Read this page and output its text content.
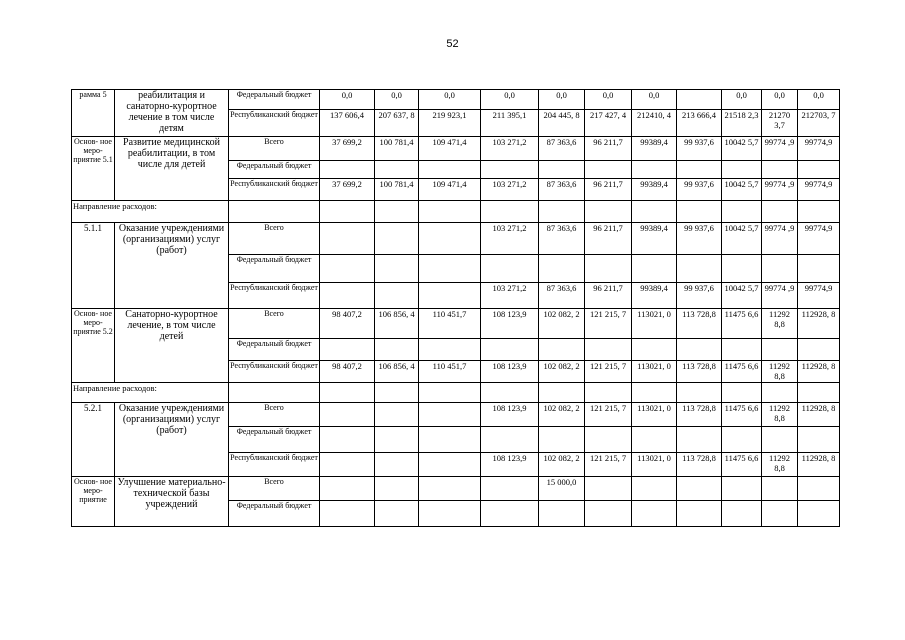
52
рамма 5	реабилитация и санаторно-курортное лечение в том числе детям	Федеральный бюджет	0,0	0,0	0,0	0,0	0,0	0,0	0,0		0,0	0,0	0,0
		Республиканский бюджет	137 606,4	207 637, 8	219 923,1	211 395,1	204 445, 8	217 427, 4	212410, 4	213 666,4	21518 2,3	21270 3,7	212703, 7
Основ- ное меро- приятие 5.1	Развитие медицинской реабилитации, в том числе для детей	Всего	37 699,2	100 781,4	109 471,4	103 271,2	87 363,6	96 211,7	99389,4	99 937,6	10042 5,7	99774 ,9	99774,9
		Федеральный бюджет											
		Республиканский бюджет	37 699,2	100 781,4	109 471,4	103 271,2	87 363,6	96 211,7	99389,4	99 937,6	10042 5,7	99774 ,9	99774,9
Направление расходов:													
5.1.1	Оказание учреждениями (организациями) услуг (работ)	Всего				103 271,2	87 363,6	96 211,7	99389,4	99 937,6	10042 5,7	99774 ,9	99774,9
		Федеральный бюджет											
		Республиканский бюджет				103 271,2	87 363,6	96 211,7	99389,4	99 937,6	10042 5,7	99774 ,9	99774,9
Основ- ное меро- приятие 5.2	Санаторно-курортное лечение, в том числе детей	Всего	98 407,2	106 856, 4	110 451,7	108 123,9	102 082, 2	121 215, 7	113021, 0	113 728,8	11475 6,6	11292 8,8	112928, 8
		Федеральный бюджет											
		Республиканский бюджет	98 407,2	106 856, 4	110 451,7	108 123,9	102 082, 2	121 215, 7	113021, 0	113 728,8	11475 6,6	11292 8,8	112928, 8
Направление расходов:													
5.2.1	Оказание учреждениями (организациями) услуг (работ)	Всего				108 123,9	102 082, 2	121 215, 7	113021, 0	113 728,8	11475 6,6	11292 8,8	112928, 8
		Федеральный бюджет											
		Республиканский бюджет				108 123,9	102 082, 2	121 215, 7	113021, 0	113 728,8	11475 6,6	11292 8,8	112928, 8
Основ- ное меро- приятие	Улучшение материально- технической базы учреждений	Всего					15 000,0						
		Федеральный бюджет											
